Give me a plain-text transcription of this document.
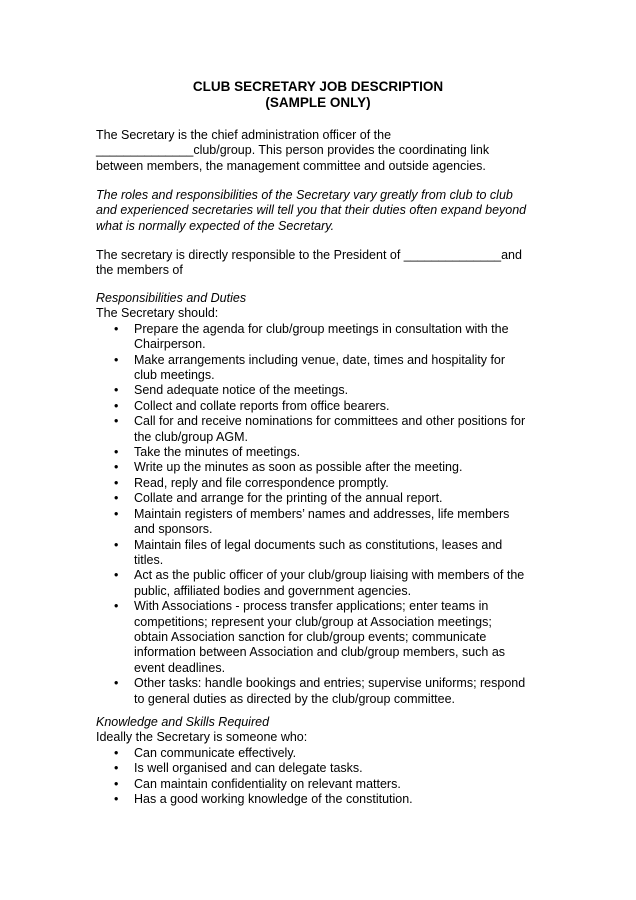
CLUB SECRETARY JOB DESCRIPTION
(SAMPLE ONLY)

The Secretary is the chief administration officer of the

______________club/group. This person provides the coordinating link

between members, the management committee and outside agencies.

The roles and responsibilities of the Secretary vary greatly from club to club

and experienced secretaries will tell you that their duties often expand beyond

what is normally expected of the Secretary.

The secretary is directly responsible to the President of ______________and

the members of

Responsibilities and Duties

The Secretary should:

• Prepare the agenda for club/group meetings in consultation with the
Chairperson.
• Make arrangements including venue, date, times and hospitality for
club meetings.
• Send adequate notice of the meetings.
• Collect and collate reports from office bearers.
• Call for and receive nominations for committees and other positions for
the club/group AGM.
• Take the minutes of meetings.
• Write up the minutes as soon as possible after the meeting.
• Read, reply and file correspondence promptly.
• Collate and arrange for the printing of the annual report.
• Maintain registers of members’ names and addresses, life members
and sponsors.
• Maintain files of legal documents such as constitutions, leases and
titles.
• Act as the public officer of your club/group liaising with members of the
public, affiliated bodies and government agencies.
• With Associations - process transfer applications; enter teams in
competitions; represent your club/group at Association meetings;
obtain Association sanction for club/group events; communicate
information between Association and club/group members, such as
event deadlines.
• Other tasks: handle bookings and entries; supervise uniforms; respond
to general duties as directed by the club/group committee.

Knowledge and Skills Required

Ideally the Secretary is someone who:

• Can communicate effectively.
• Is well organised and can delegate tasks.
• Can maintain confidentiality on relevant matters.
• Has a good working knowledge of the constitution.
